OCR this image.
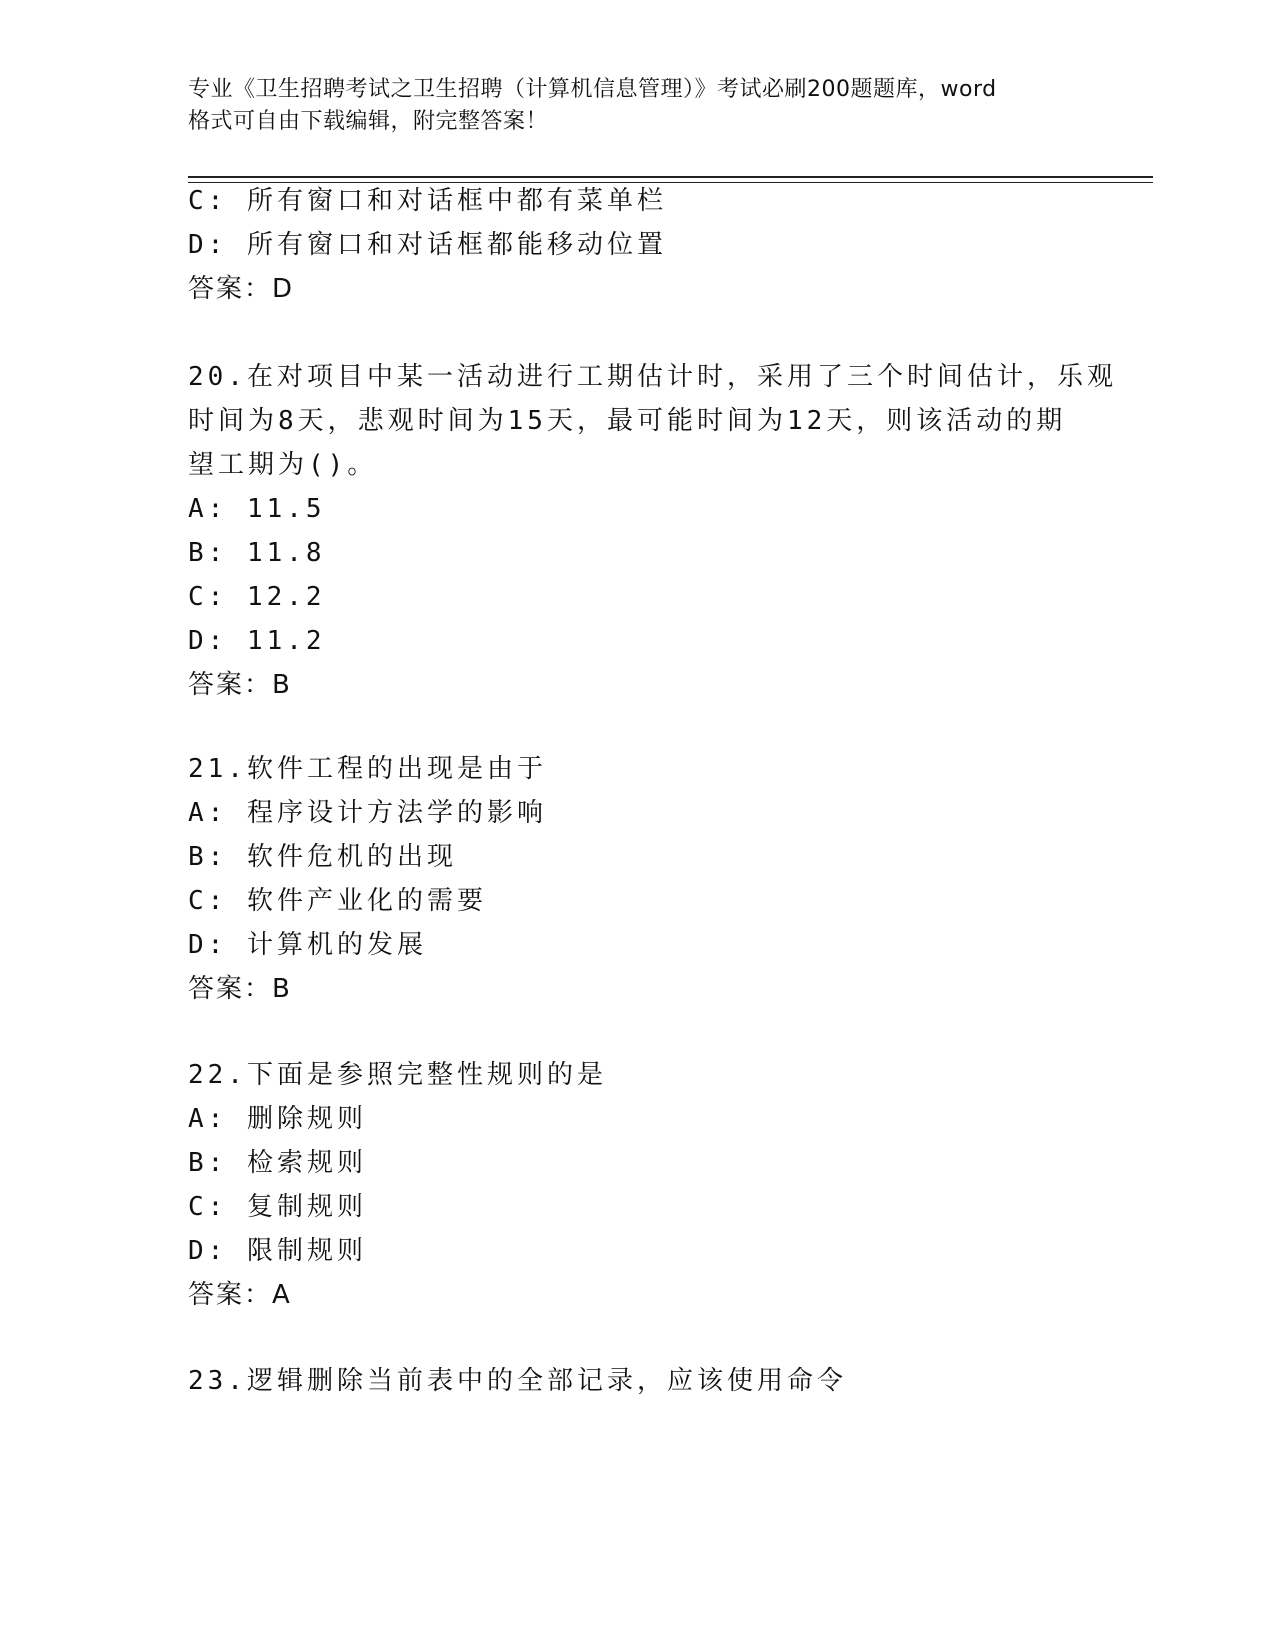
专业《卫生招聘考试之卫生招聘（计算机信息管理）》考试必刷200题题库，word
格式可自由下载编辑，附完整答案！
C: 所有窗口和对话框中都有菜单栏
D: 所有窗口和对话框都能移动位置
答案：D
20.在对项目中某一活动进行工期估计时，采用了三个时间估计，乐观
时间为8天，悲观时间为15天，最可能时间为12天，则该活动的期
望工期为()。
A: 11.5
B: 11.8
C: 12.2
D: 11.2
答案：B
21.软件工程的出现是由于
A: 程序设计方法学的影响
B: 软件危机的出现
C: 软件产业化的需要
D: 计算机的发展
答案：B
22.下面是参照完整性规则的是
A: 删除规则
B: 检索规则
C: 复制规则
D: 限制规则
答案：A
23.逻辑删除当前表中的全部记录，应该使用命令
